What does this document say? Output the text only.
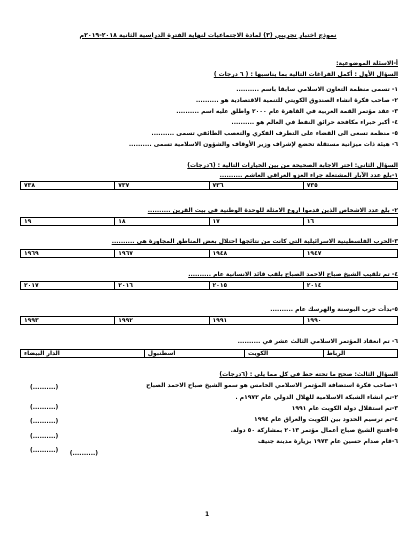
نموذج اختبار تجريبي (٣) لمادة الاجتماعيات لنهاية الفترة الدراسية الثانية ٢٠١٨-٢٠١٩م
أ-الاسئلة الموضوعية:
السؤال الأول : أكمل الفراغات التالية بما يناسبها : ( ٦ درجات )
١- تسمى منظمة التعاون الاسلامي سابقا باسم ..........
٢- صاحب فكرة انشاء الصندوق الكويتي للتنمية الاقتصادية هو ..........
٣- عقد مؤتمر القمة العربية في القاهرة عام ٢٠٠٠ واطلق عليه اسم ..........
٤- أكبر خبراء مكافحة حرائق النفط في العالم هو ..........
٥- منظمة تسعى الى القضاء على التطرف الفكري والتعصب الطائفي تسمى ..........
٦- هيئة ذات ميزانية مستقلة تخضع لإشراف وزير الأوقاف والشؤون الاسلامية تسمى ..........
السؤال الثاني: اختر الاجابة الصحيحة من بين الخيارات التالية : (٦درجات)
١-بلغ عدد الآبار المشتعلة جراء الغزو العراقي الغاشم ..........
٧٣٥	٧٣٦	٧٣٧	٧٣٨
٢- بلغ عدد الاشخاص الذين قدموا اروع الامثلة للوحدة الوطنية في بيت القرين ..........
١٦	١٧	١٨	١٩
٣-الحرب الفلسطينية الاسرائيلية التي كانت من نتائجها احتلال بعض المناطق المجاورة هي ..........
١٩٤٧	١٩٤٨	١٩٦٧	١٩٦٩
٤- تم تلقيب الشيخ صباح الاحمد الصباح بلقب قائد الانسانية عام ..........
٢٠١٤	٢٠١٥	٢٠١٦	٢٠١٧
٥-بدأت حرب البوسنة والهرسك عام ..........
١٩٩٠	١٩٩١	١٩٩٢	١٩٩٣
٦- تم انعقاد المؤتمر الاسلامي الثالث عشر في ..........
الرباط	الكويت	اسطنبول	الدار البيضاء
السؤال الثالث: صحح ما تحته خط في كل مما يلي : (٦درجات)
١-صاحب فكرة استضافة المؤتمر الاسلامي الخامس هو سمو الشيخ صباح الاحمد الصباح
(..........)
٢-تم انشاء الشبكة الاسلامية للهلال الدولي عام ١٩٧٢م .
(..........)	٣-تم استقلال دولة الكويت عام ١٩٩١
(..........)	٤-تم ترسيم الحدود بين الكويت والعراق عام ١٩٩٤
(..........)
٥-افتتح الشيخ صباح أعمال مؤتمر ٢٠١٣ بمشاركة ٥٠ دولة.
(..........)
٦-قام صدام حسين عام ١٩٧٣ بزيارة مدينة جنيف
(..........)
1
